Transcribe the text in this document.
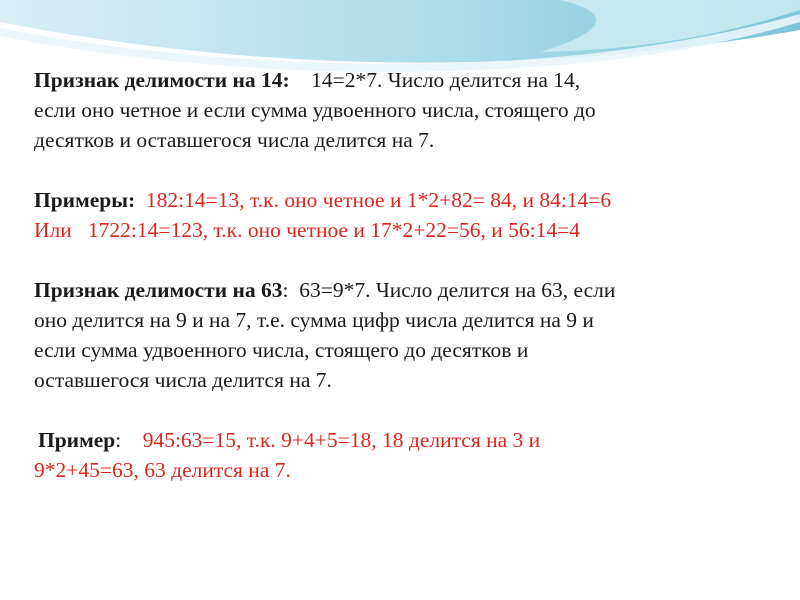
Признак делимости на 14: 14=2*7. Число делится на 14,
если оно четное и если сумма удвоенного числа, стоящего до
десятков и оставшегося числа делится на 7.

Примеры: 182:14=13, т.к. оно четное и 1*2+82= 84, и 84:14=6
Или   1722:14=123, т.к. оно четное и 17*2+22=56, и 56:14=4

Признак делимости на 63: 63=9*7. Число делится на 63, если
оно делится на 9 и на 7, т.е. сумма цифр числа делится на 9 и
если сумма удвоенного числа, стоящего до десятков и
оставшегося числа делится на 7.

Пример: 945:63=15, т.к. 9+4+5=18, 18 делится на 3 и
9*2+45=63, 63 делится на 7.
